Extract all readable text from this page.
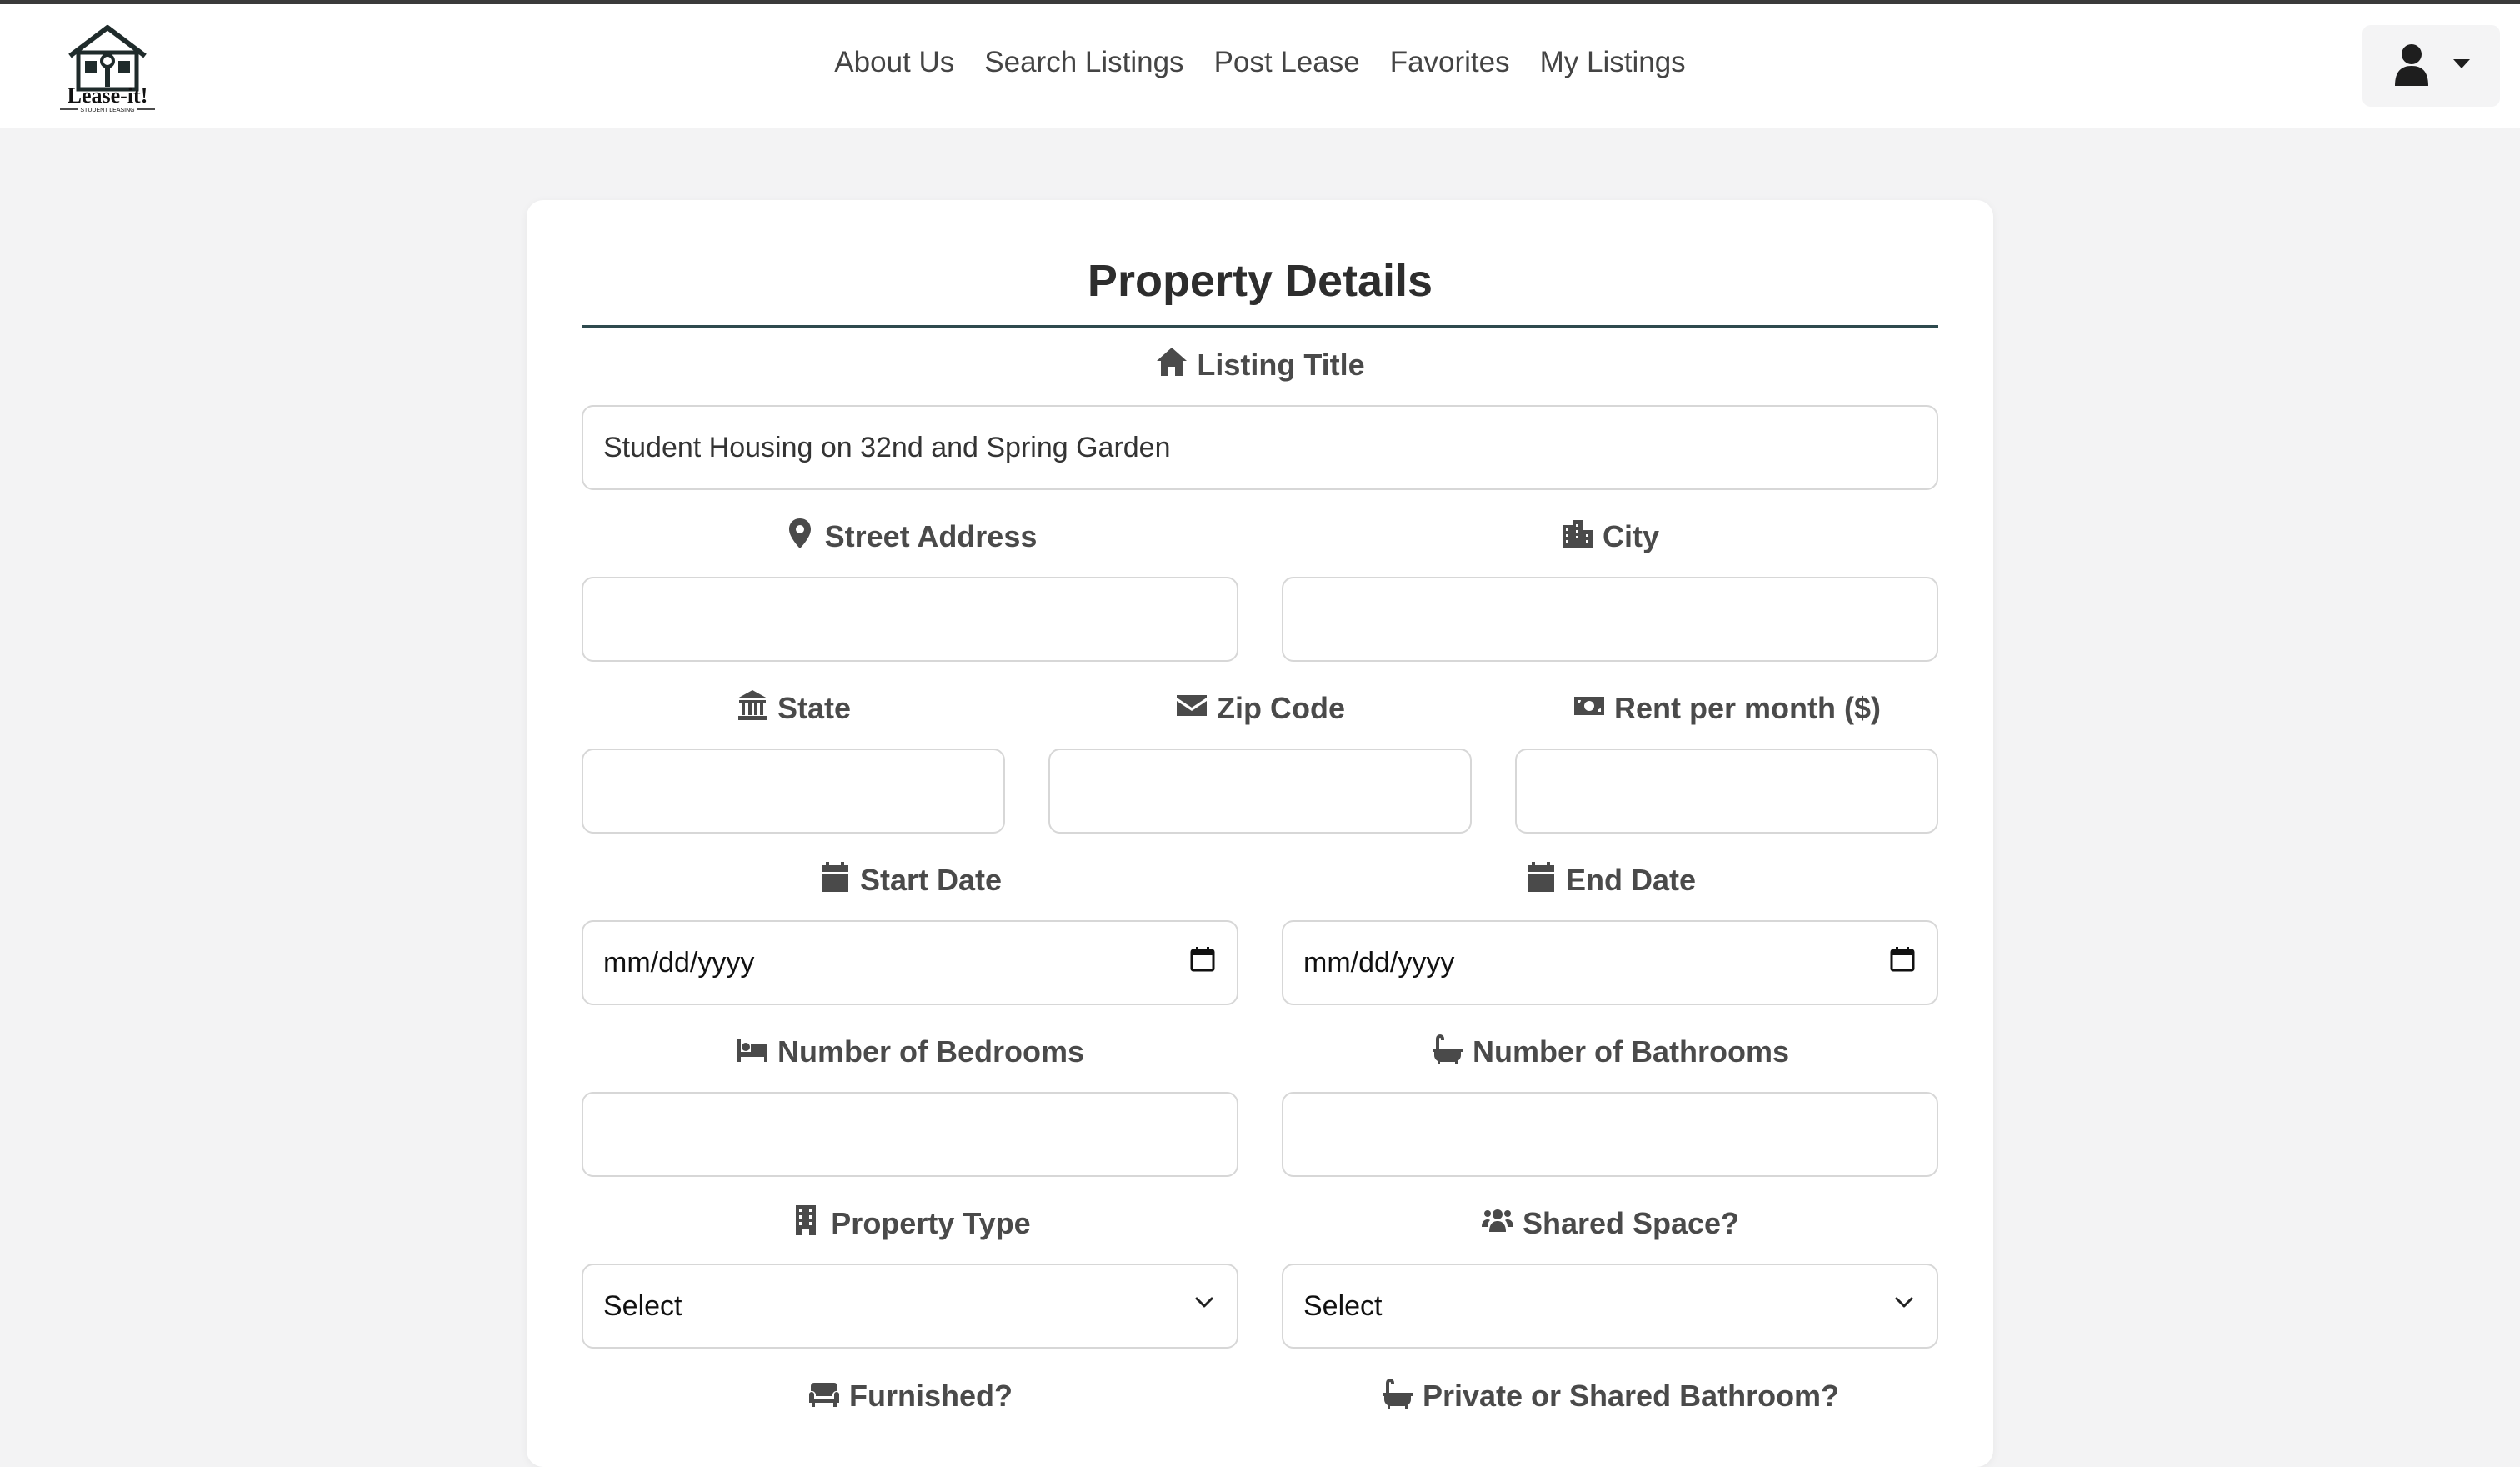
Lease-it!
STUDENT LEASING
About Us Search Listings Post Lease Favorites My Listings
Property Details
Listing Title
Student Housing on 32nd and Spring Garden
Street Address	City
State	Zip Code	Rent per month ($)
Start Date
mm/dd/yyyy
End Date
mm/dd/yyyy
Number of Bedrooms	Number of Bathrooms
Property Type
Select
Shared Space?
Select
Furnished?	Private or Shared Bathroom?
